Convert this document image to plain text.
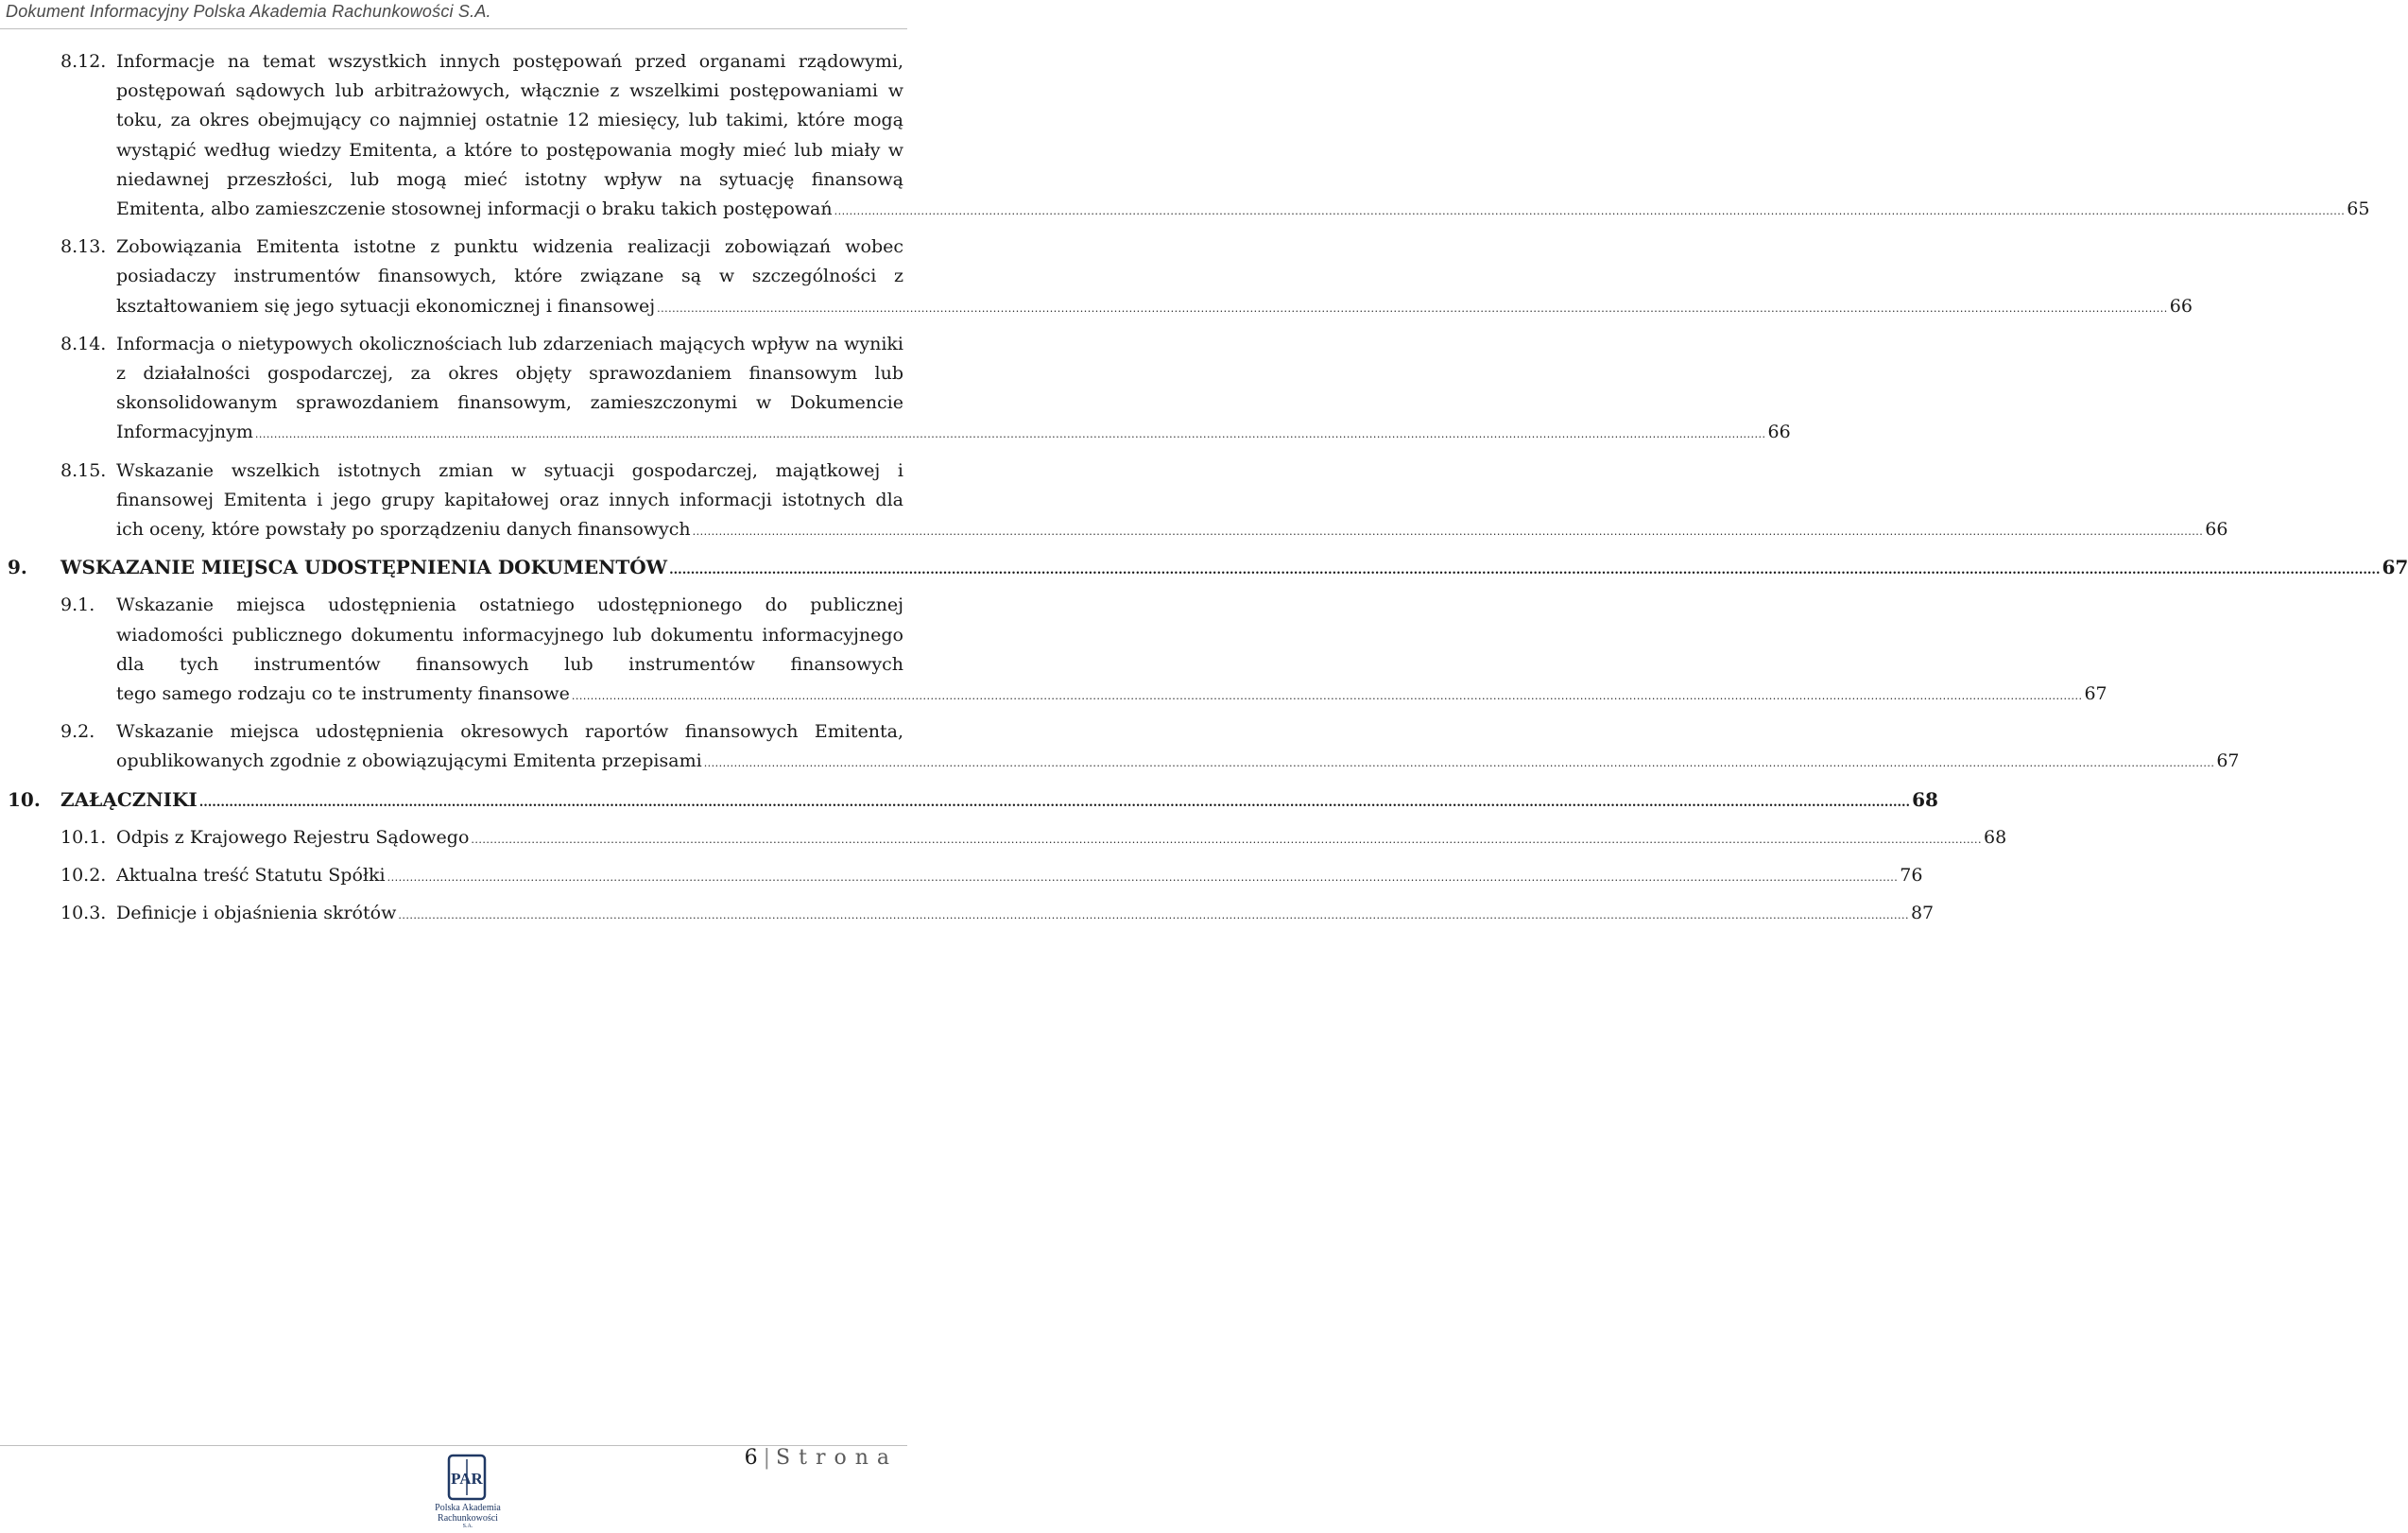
Dokument Informacyjny Polska Akademia Rachunkowości S.A.
8.12. Informacje na temat wszystkich innych postępowań przed organami rządowymi, postępowań sądowych lub arbitrażowych, włącznie z wszelkimi postępowaniami w toku, za okres obejmujący co najmniej ostatnie 12 miesięcy, lub takimi, które mogą wystąpić według wiedzy Emitenta, a które to postępowania mogły mieć lub miały w niedawnej przeszłości, lub mogą mieć istotny wpływ na sytuację finansową
Emitenta, albo zamieszczenie stosownej informacji o braku takich postępowań ................................................................................................................................................................................................................................................................................................................................................................................................................ 65
8.13. Zobowiązania Emitenta istotne z punktu widzenia realizacji zobowiązań wobec posiadaczy instrumentów finansowych, które związane są w szczególności z
kształtowaniem się jego sytuacji ekonomicznej i finansowej ................................................................................................................................................................................................................................................................................................................................................................................................................ 66
8.14. Informacja o nietypowych okolicznościach lub zdarzeniach mających wpływ na wyniki z działalności gospodarczej, za okres objęty sprawozdaniem finansowym lub skonsolidowanym sprawozdaniem finansowym, zamieszczonymi w Dokumencie
Informacyjnym ................................................................................................................................................................................................................................................................................................................................................................................................................ 66
8.15. Wskazanie wszelkich istotnych zmian w sytuacji gospodarczej, majątkowej i finansowej Emitenta i jego grupy kapitałowej oraz innych informacji istotnych dla
ich oceny, które powstały po sporządzeniu danych finansowych ................................................................................................................................................................................................................................................................................................................................................................................................................ 66
9. WSKAZANIE MIEJSCA UDOSTĘPNIENIA DOKUMENTÓW ................................................................................................................................................................................................................................................................................................................................................................................................................ 67
9.1. Wskazanie miejsca udostępnienia ostatniego udostępnionego do publicznej wiadomości publicznego dokumentu informacyjnego lub dokumentu informacyjnego dla tych instrumentów finansowych lub instrumentów finansowych
tego samego rodzaju co te instrumenty finansowe ................................................................................................................................................................................................................................................................................................................................................................................................................ 67
9.2. Wskazanie miejsca udostępnienia okresowych raportów finansowych Emitenta,
opublikowanych zgodnie z obowiązującymi Emitenta przepisami ................................................................................................................................................................................................................................................................................................................................................................................................................ 67
10. ZAŁĄCZNIKI ................................................................................................................................................................................................................................................................................................................................................................................................................ 68
10.1. Odpis z Krajowego Rejestru Sądowego ................................................................................................................................................................................................................................................................................................................................................................................................................ 68
10.2. Aktualna treść Statutu Spółki ................................................................................................................................................................................................................................................................................................................................................................................................................ 76
10.3. Definicje i objaśnienia skrótów ................................................................................................................................................................................................................................................................................................................................................................................................................ 87
6 | Strona
PAR
Polska Akademia
Rachunkowości
S.A.
